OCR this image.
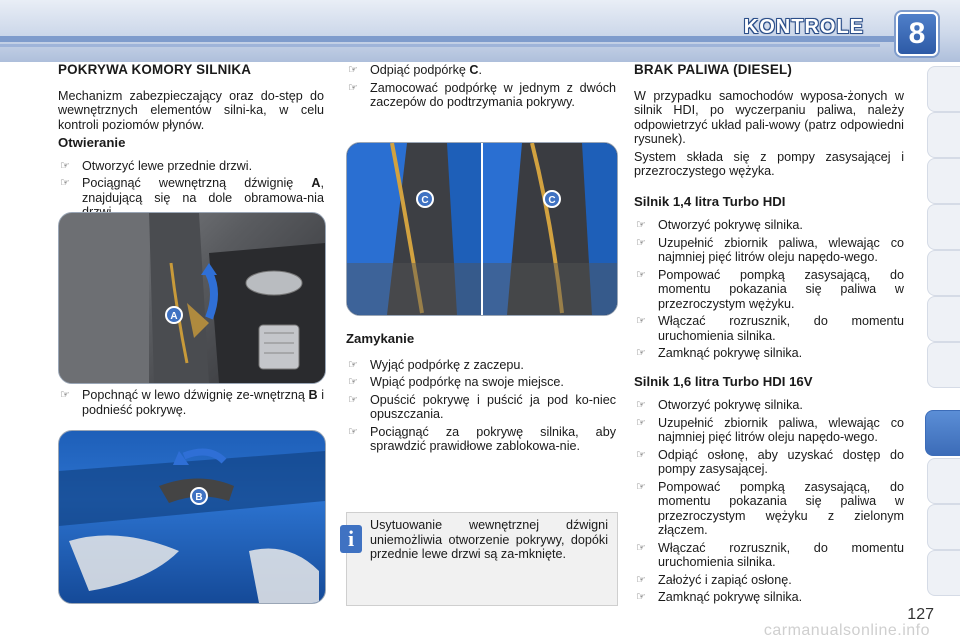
KONTROLE	8
POKRYWA KOMORY SILNIKA

Mechanizm zabezpieczający oraz do-stęp do wewnętrznych elementów silni-ka, w celu kontroli poziomów płynów.

Otwieranie
☞ Otworzyć lewe przednie drzwi.
☞ Pociągnąć wewnętrzną dźwignię A, znajdującą się na dole obramowa-nia
A
☞ Popchnąć w lewo dźwignię ze-wnętrzną B i podnieść pokrywę.
B
☞ Odpiąć podpórkę C.
☞ Zamocować podpórkę w jednym z dwóch zaczepów do podtrzymania pokrywy.
C	C
Zamykanie
☞ Wyjąć podpórkę z zaczepu.
☞ Wpiąć podpórkę na swoje miejsce.
☞ Opuścić pokrywę i puścić ja pod ko-niec opuszczania.
☞ Pociągnąć za pokrywę silnika, aby sprawdzić prawidłowe zablokowa-nie.
i
Usytuowanie wewnętrznej dźwigni uniemożliwia otworzenie pokrywy, dopóki przednie lewe drzwi są za-mknięte.
BRAK PALIWA (DIESEL)

W przypadku samochodów wyposa-żonych w silnik HDI, po wyczerpaniu paliwa, należy odpowietrzyć układ pali-wowy (patrz odpowiedni rysunek).

System składa się z pompy zasysającej i przezroczystego wężyka.

Silnik 1,4 litra Turbo HDI
☞ Otworzyć pokrywę silnika.
☞ Uzupełnić zbiornik paliwa, wlewając co najmniej pięć litrów oleju napędo-wego.
☞ Pompować pompką zasysającą, do momentu pokazania się paliwa w przezroczystym wężyku.
☞ Włączać rozrusznik, do momentu uruchomienia silnika.
☞ Zamknąć pokrywę silnika.
Silnik 1,6 litra Turbo HDI 16V
☞ Otworzyć pokrywę silnika.
☞ Uzupełnić zbiornik paliwa, wlewając co najmniej pięć litrów oleju napędo-wego.
☞ Odpiąć osłonę, aby uzyskać dostęp do pompy zasysającej.
☞ Pompować pompką zasysającą, do momentu pokazania się paliwa w przezroczystym wężyku z zielonym złączem.
☞ Włączać rozrusznik, do momentu uruchomienia silnika.
☞ Założyć i zapiąć osłonę.
☞ Zamknąć pokrywę silnika.
127
carmanualsonline.info
